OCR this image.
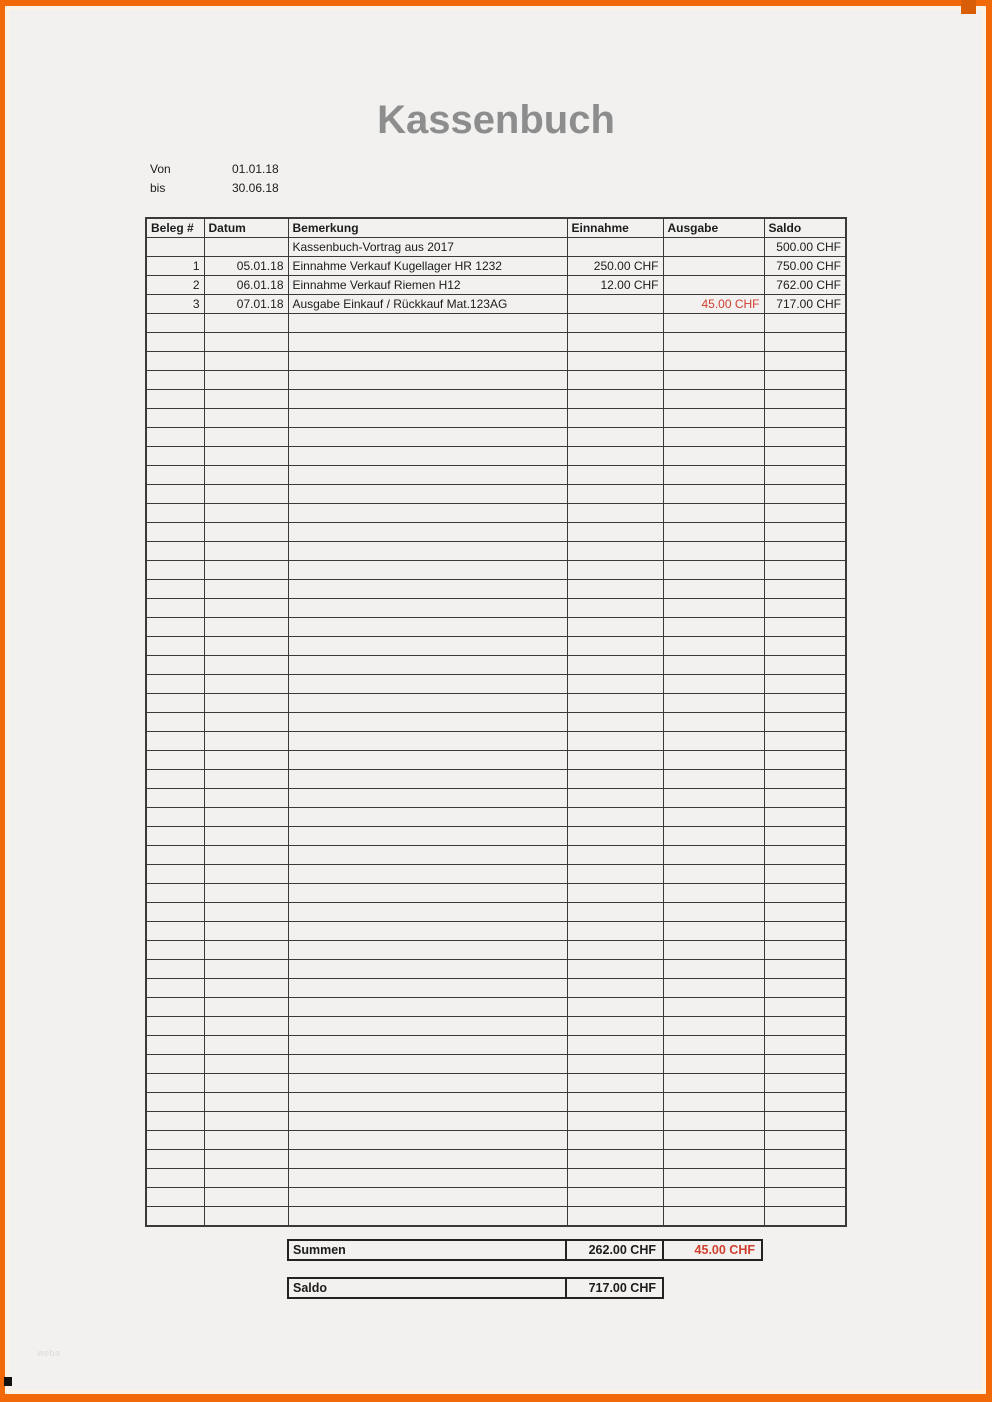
Kassenbuch
Von	01.01.18
bis	30.06.18
Beleg #	Datum	Bemerkung	Einnahme	Ausgabe	Saldo
		Kassenbuch-Vortrag aus 2017			500.00 CHF
1	05.01.18	Einnahme Verkauf Kugellager HR 1232	250.00 CHF		750.00 CHF
2	06.01.18	Einnahme Verkauf Riemen H12	12.00 CHF		762.00 CHF
3	07.01.18	Ausgabe Einkauf / Rückkauf Mat.123AG		45.00 CHF	717.00 CHF

Summen	262.00 CHF	45.00 CHF
Saldo	717.00 CHF
weba
